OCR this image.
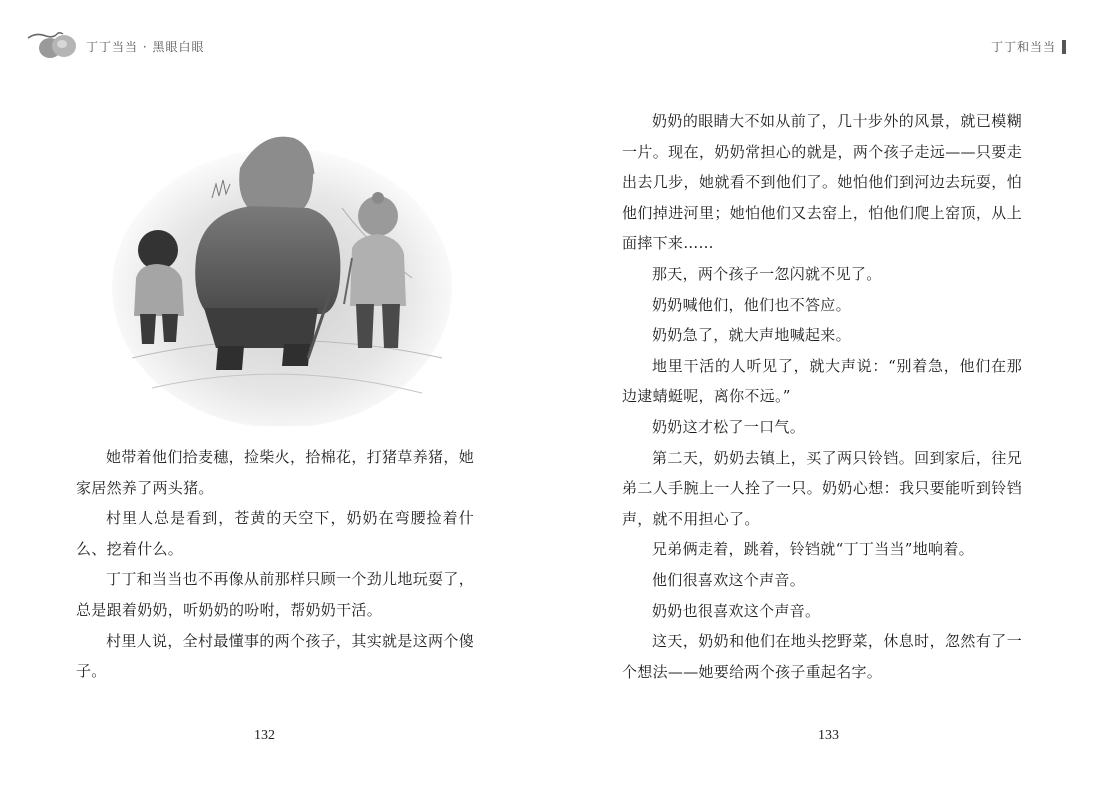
丁丁当当 · 黑眼白眼

她带着他们拾麦穗，捡柴火，拾棉花，打猪草养猪，她家居然养了两头猪。

村里人总是看到，苍黄的天空下，奶奶在弯腰捡着什么、挖着什么。

丁丁和当当也不再像从前那样只顾一个劲儿地玩耍了，总是跟着奶奶，听奶奶的吩咐，帮奶奶干活。

村里人说，全村最懂事的两个孩子，其实就是这两个傻子。

132
丁丁和当当

奶奶的眼睛大不如从前了，几十步外的风景，就已模糊一片。现在，奶奶常担心的就是，两个孩子走远——只要走出去几步，她就看不到他们了。她怕他们到河边去玩耍，怕他们掉进河里；她怕他们又去窑上，怕他们爬上窑顶，从上面摔下来……

那天，两个孩子一忽闪就不见了。

奶奶喊他们，他们也不答应。

奶奶急了，就大声地喊起来。

地里干活的人听见了，就大声说：“别着急，他们在那边逮蜻蜓呢，离你不远。”

奶奶这才松了一口气。

第二天，奶奶去镇上，买了两只铃铛。回到家后，往兄弟二人手腕上一人拴了一只。奶奶心想：我只要能听到铃铛声，就不用担心了。

兄弟俩走着，跳着，铃铛就“丁丁当当”地响着。

他们很喜欢这个声音。

奶奶也很喜欢这个声音。

这天，奶奶和他们在地头挖野菜，休息时，忽然有了一个想法——她要给两个孩子重起名字。

133
